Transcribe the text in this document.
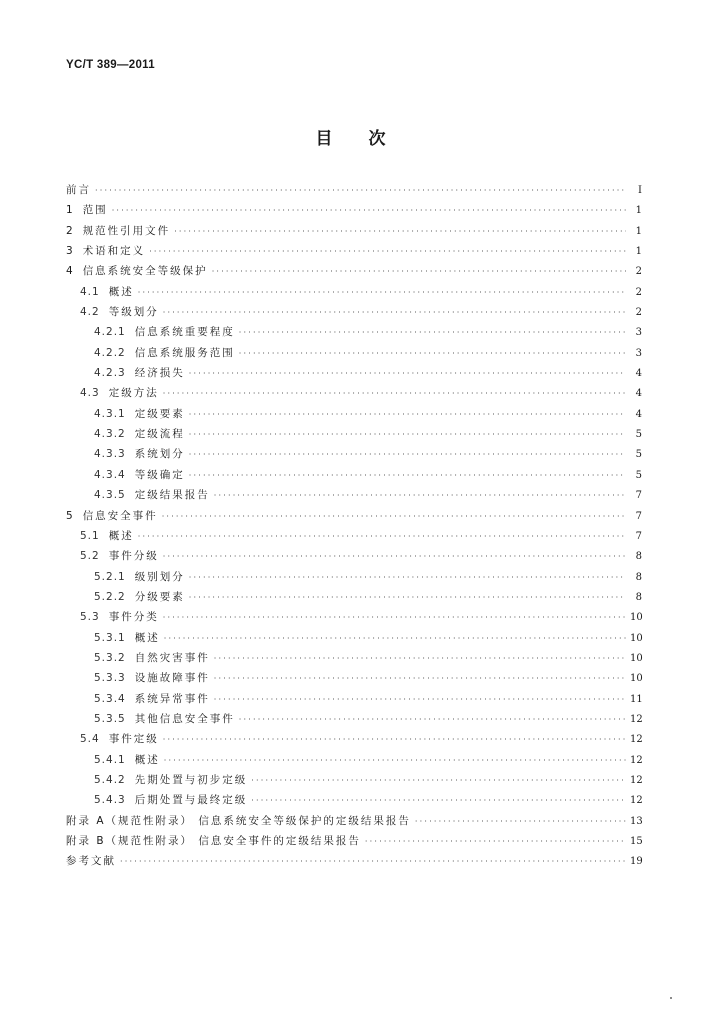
YC/T 389—2011
目 次
前言 ·····	I
1 范围 ·····	1
2 规范性引用文件 ·····	1
3 术语和定义 ·····	1
4 信息系统安全等级保护 ·····	2
4.1 概述 ·····	2
4.2 等级划分 ·····	2
4.2.1 信息系统重要程度 ·····	3
4.2.2 信息系统服务范围 ·····	3
4.2.3 经济损失 ·····	4
4.3 定级方法 ·····	4
4.3.1 定级要素 ·····	4
4.3.2 定级流程 ·····	5
4.3.3 系统划分 ·····	5
4.3.4 等级确定 ·····	5
4.3.5 定级结果报告 ·····	7
5 信息安全事件 ·····	7
5.1 概述 ·····	7
5.2 事件分级 ·····	8
5.2.1 级别划分 ·····	8
5.2.2 分级要素 ·····	8
5.3 事件分类 ·····	10
5.3.1 概述 ·····	10
5.3.2 自然灾害事件 ·····	10
5.3.3 设施故障事件 ·····	10
5.3.4 系统异常事件 ·····	11
5.3.5 其他信息安全事件 ·····	12
5.4 事件定级 ·····	12
5.4.1 概述 ·····	12
5.4.2 先期处置与初步定级 ·····	12
5.4.3 后期处置与最终定级 ·····	12
附录 A（规范性附录） 信息系统安全等级保护的定级结果报告 ·····	13
附录 B（规范性附录） 信息安全事件的定级结果报告 ·····	15
参考文献 ·····	19
